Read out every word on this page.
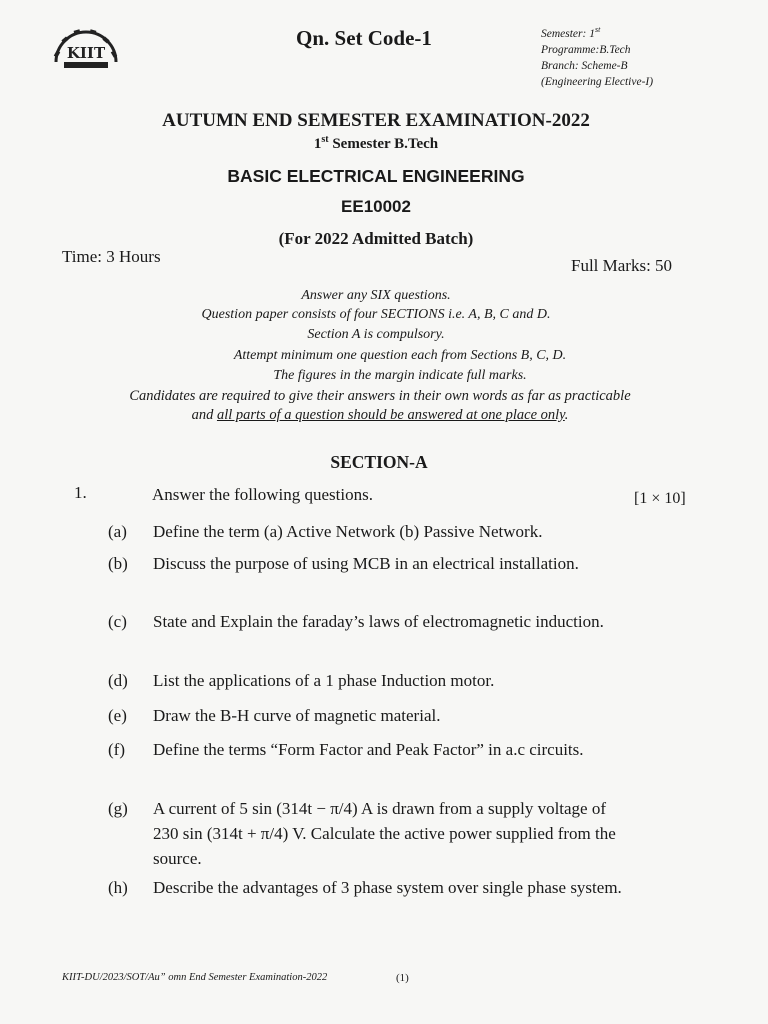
KIIT
Qn. Set Code-1	Semester: 1st
Programme:B.Tech
Branch: Scheme-B
(Engineering Elective-I)
AUTUMN END SEMESTER EXAMINATION-2022
1st Semester B.Tech
BASIC ELECTRICAL ENGINEERING
EE10002
(For 2022 Admitted Batch)
Time: 3 Hours	Full Marks: 50
Answer any SIX questions.
Question paper consists of four SECTIONS i.e. A, B, C and D.
Section A is compulsory.
Attempt minimum one question each from Sections B, C, D.
The figures in the margin indicate full marks.
Candidates are required to give their answers in their own words as far as practicable
and all parts of a question should be answered at one place only.
SECTION-A
1.	Answer the following questions.	[1 × 10]
(a) Define the term (a) Active Network (b) Passive Network.
(b) Discuss the purpose of using MCB in an electrical installation.
(c) State and Explain the faraday’s laws of electromagnetic induction.
(d) List the applications of a 1 phase Induction motor.
(e) Draw the B-H curve of magnetic material.
(f) Define the terms “Form Factor and Peak Factor” in a.c circuits.
(g) A current of 5 sin (314t − π/4) A is drawn from a supply voltage of 230 sin (314t + π/4) V. Calculate the active power supplied from the source.
(h) Describe the advantages of 3 phase system over single phase system.
KIIT-DU/2023/SOT/Au” omn End Semester Examination-2022	(1)
